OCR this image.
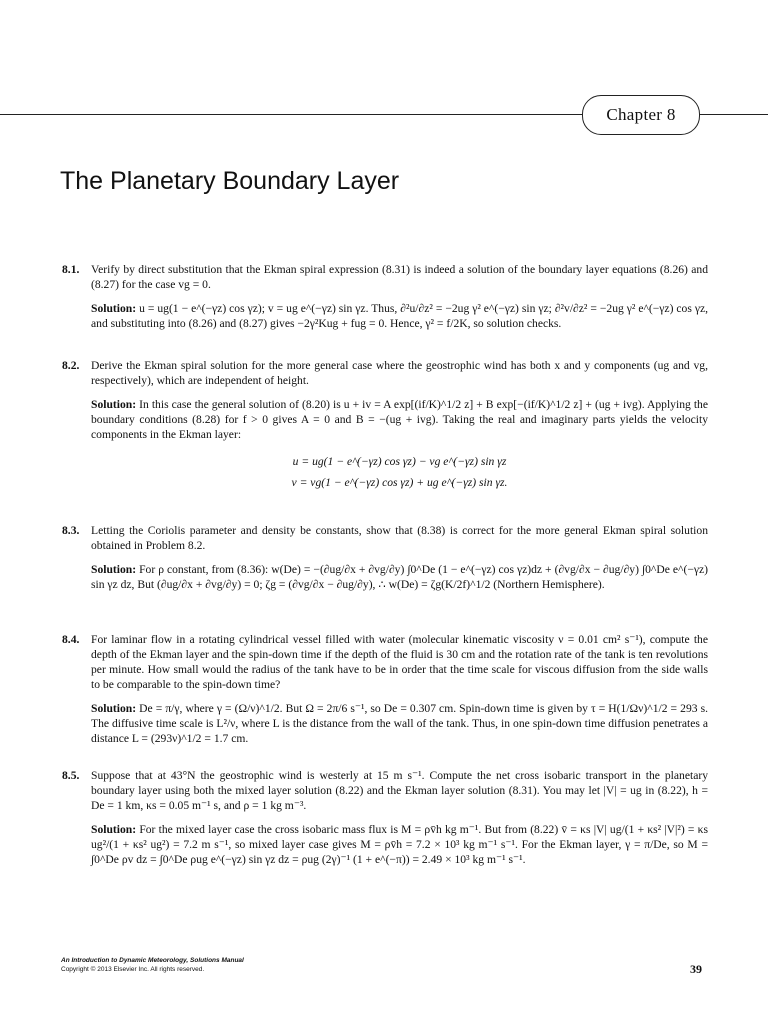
Chapter 8
The Planetary Boundary Layer
8.1. Verify by direct substitution that the Ekman spiral expression (8.31) is indeed a solution of the boundary layer equations (8.26) and (8.27) for the case vg = 0.
Solution: u = ug(1 − e^(−γz) cos γz); v = ug e^(−γz) sin γz. Thus, ∂²u/∂z² = −2ug γ² e^(−γz) sin γz; ∂²v/∂z² = −2ug γ² e^(−γz) cos γz, and substituting into (8.26) and (8.27) gives −2γ²Kug + fug = 0. Hence, γ² = f/2K, so solution checks.
8.2. Derive the Ekman spiral solution for the more general case where the geostrophic wind has both x and y components (ug and vg, respectively), which are independent of height.
Solution: In this case the general solution of (8.20) is u + iv = A exp[(if/K)^1/2 z] + B exp[−(if/K)^1/2 z] + (ug + ivg). Applying the boundary conditions (8.28) for f > 0 gives A = 0 and B = −(ug + ivg). Taking the real and imaginary parts yields the velocity components in the Ekman layer:
u = ug(1 − e^(−γz) cos γz) − vg e^(−γz) sin γz
v = vg(1 − e^(−γz) cos γz) + ug e^(−γz) sin γz.
8.3. Letting the Coriolis parameter and density be constants, show that (8.38) is correct for the more general Ekman spiral solution obtained in Problem 8.2.
Solution: For ρ constant, from (8.36): w(De) = −(∂ug/∂x + ∂vg/∂y) ∫0^De (1 − e^(−γz) cos γz)dz + (∂vg/∂x − ∂ug/∂y) ∫0^De e^(−γz) sin γz dz, But (∂ug/∂x + ∂vg/∂y) = 0; ζg = (∂vg/∂x − ∂ug/∂y), ∴ w(De) = ζg(K/2f)^1/2 (Northern Hemisphere).
8.4. For laminar flow in a rotating cylindrical vessel filled with water (molecular kinematic viscosity ν = 0.01 cm² s⁻¹), compute the depth of the Ekman layer and the spin-down time if the depth of the fluid is 30 cm and the rotation rate of the tank is ten revolutions per minute. How small would the radius of the tank have to be in order that the time scale for viscous diffusion from the side walls to be comparable to the spin-down time?
Solution: De = π/γ, where γ = (Ω/ν)^1/2. But Ω = 2π/6 s⁻¹, so De = 0.307 cm. Spin-down time is given by τ = H(1/Ων)^1/2 = 293 s. The diffusive time scale is L²/ν, where L is the distance from the wall of the tank. Thus, in one spin-down time diffusion penetrates a distance L = (293ν)^1/2 = 1.7 cm.
8.5. Suppose that at 43°N the geostrophic wind is westerly at 15 m s⁻¹. Compute the net cross isobaric transport in the planetary boundary layer using both the mixed layer solution (8.22) and the Ekman layer solution (8.31). You may let |V| = ug in (8.22), h = De = 1 km, κs = 0.05 m⁻¹ s, and ρ = 1 kg m⁻³.
Solution: For the mixed layer case the cross isobaric mass flux is M = ρv̄h kg m⁻¹. But from (8.22) v̄ = κs |V| ug/(1 + κs² |V|²) = κs ug²/(1 + κs² ug²) = 7.2 m s⁻¹, so mixed layer case gives M = ρv̄h = 7.2 × 10³ kg m⁻¹ s⁻¹. For the Ekman layer, γ = π/De, so M = ∫0^De ρv dz = ∫0^De ρug e^(−γz) sin γz dz = ρug (2γ)⁻¹ (1 + e^(−π)) = 2.49 × 10³ kg m⁻¹ s⁻¹.
An Introduction to Dynamic Meteorology, Solutions Manual
Copyright © 2013 Elsevier Inc. All rights reserved.	39
